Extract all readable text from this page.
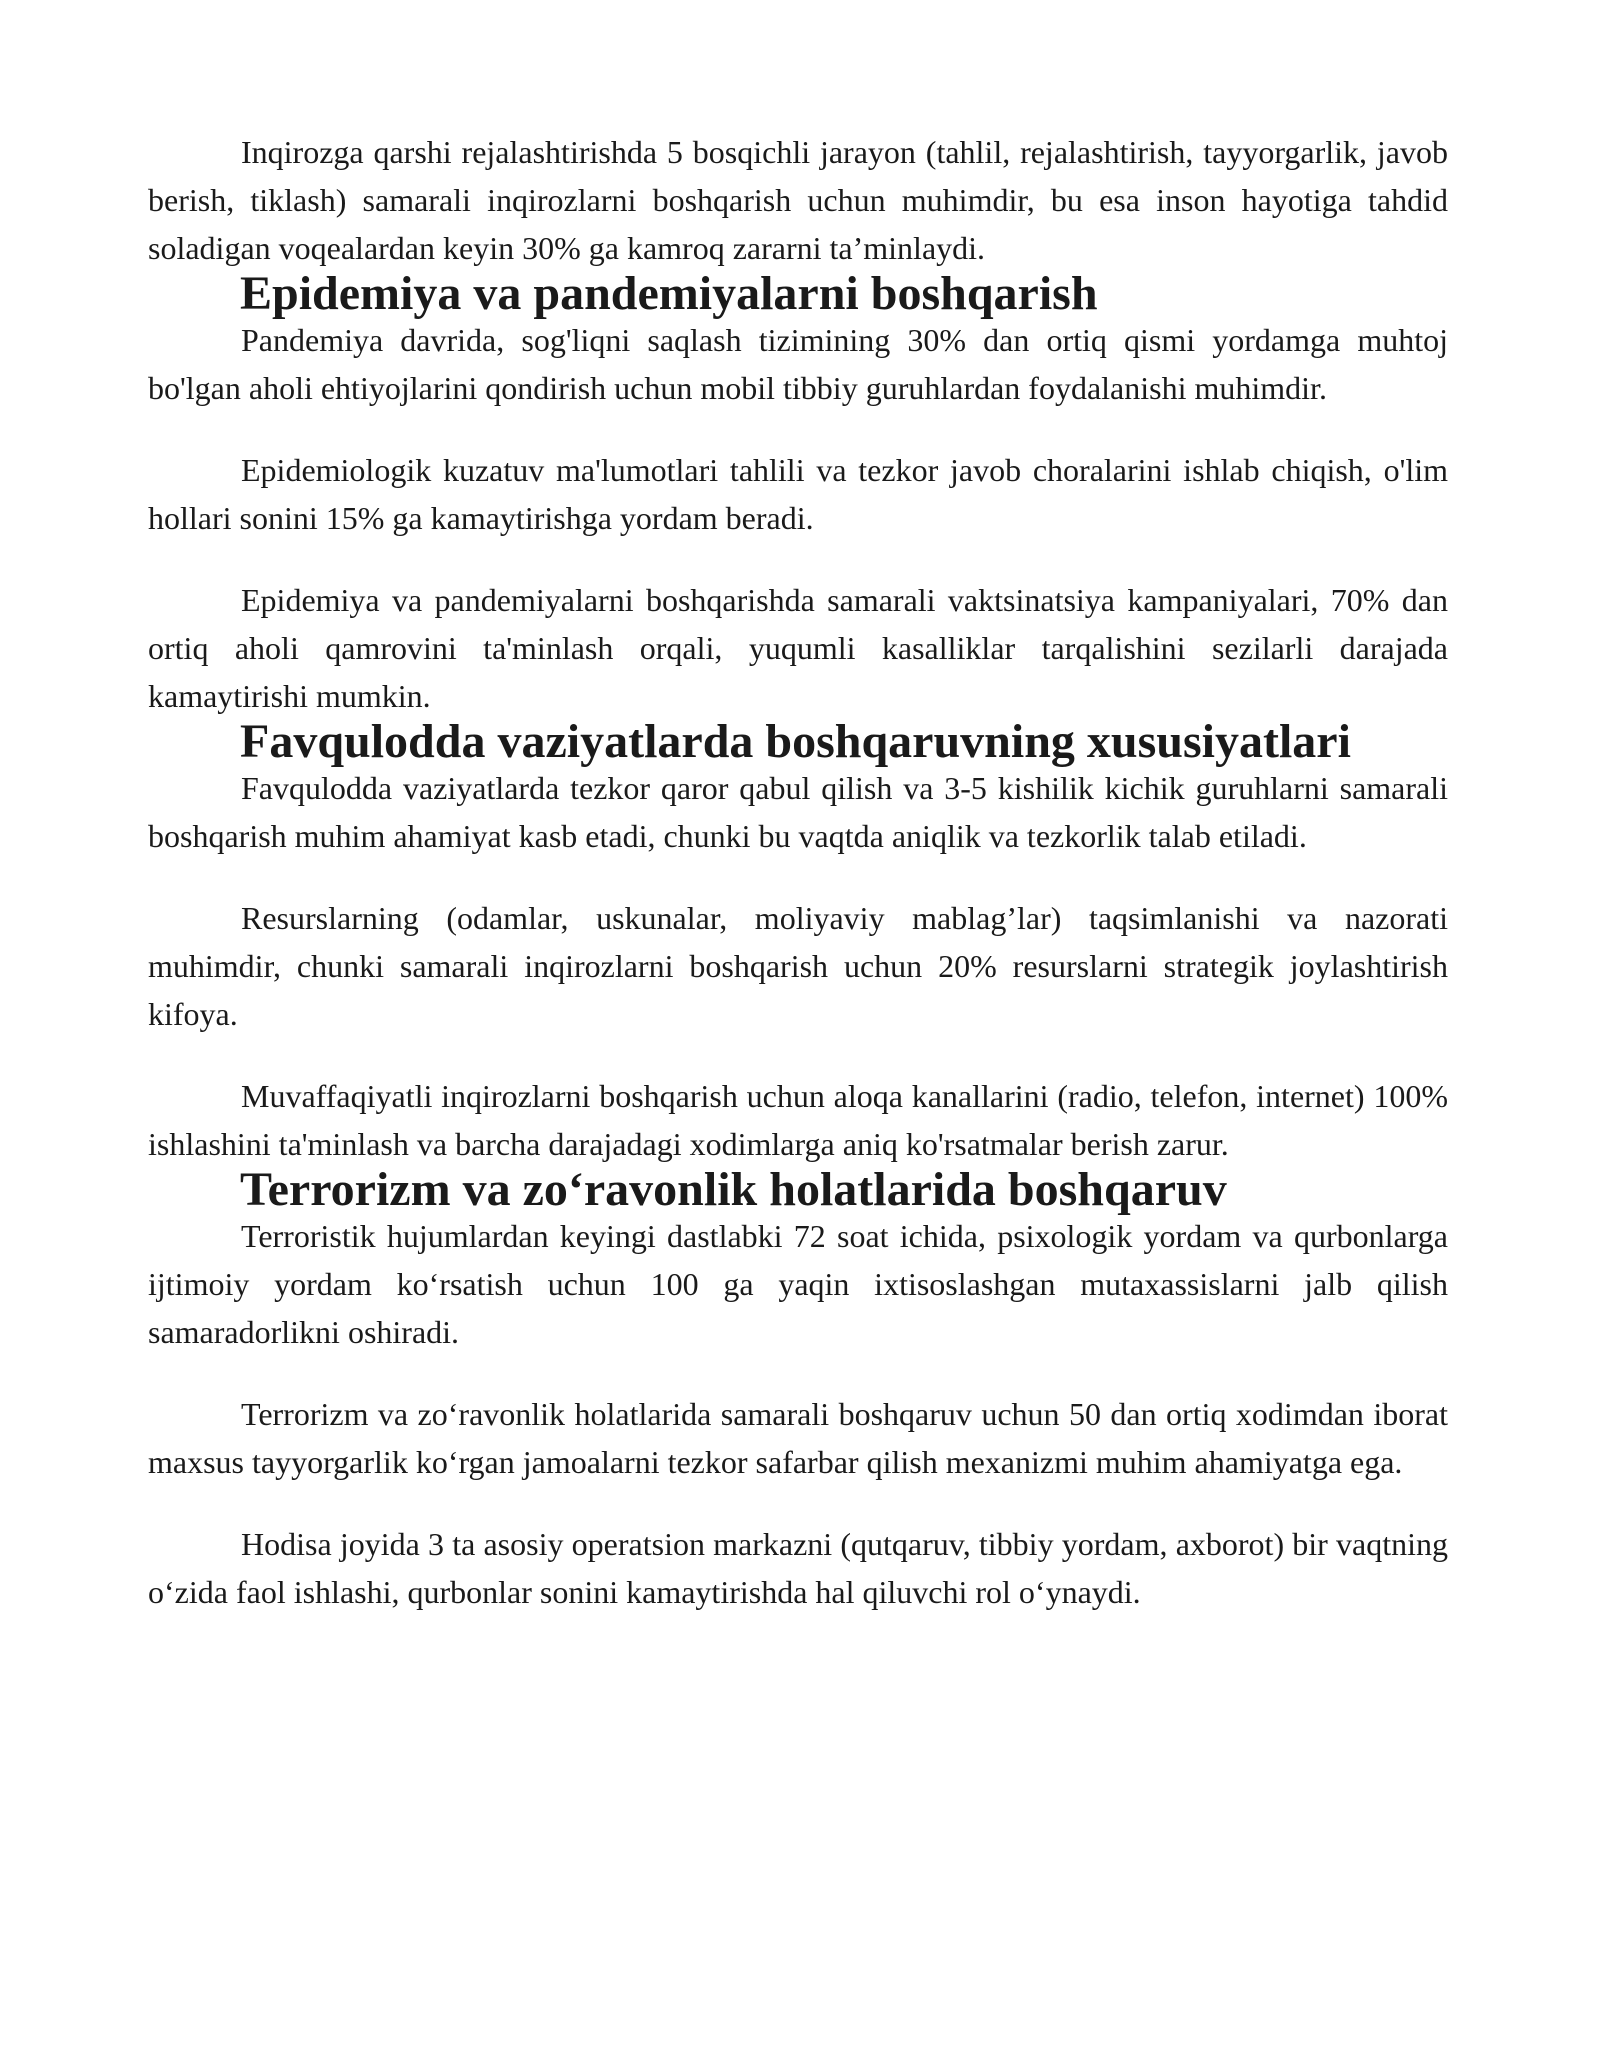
Inqirozga qarshi rejalashtirishda 5 bosqichli jarayon (tahlil, rejalashtirish, tayyorgarlik, javob berish, tiklash) samarali inqirozlarni boshqarish uchun muhimdir, bu esa inson hayotiga tahdid soladigan voqealardan keyin 30% ga kamroq zararni ta’minlaydi.

Epidemiya va pandemiyalarni boshqarish

Pandemiya davrida, sog'liqni saqlash tizimining 30% dan ortiq qismi yordamga muhtoj bo'lgan aholi ehtiyojlarini qondirish uchun mobil tibbiy guruhlardan foydalanishi muhimdir.

Epidemiologik kuzatuv ma'lumotlari tahlili va tezkor javob choralarini ishlab chiqish, o'lim hollari sonini 15% ga kamaytirishga yordam beradi.

Epidemiya va pandemiyalarni boshqarishda samarali vaktsinatsiya kampaniyalari, 70% dan ortiq aholi qamrovini ta'minlash orqali, yuqumli kasalliklar tarqalishini sezilarli darajada kamaytirishi mumkin.

Favqulodda vaziyatlarda boshqaruvning xususiyatlari

Favqulodda vaziyatlarda tezkor qaror qabul qilish va 3-5 kishilik kichik guruhlarni samarali boshqarish muhim ahamiyat kasb etadi, chunki bu vaqtda aniqlik va tezkorlik talab etiladi.

Resurslarning (odamlar, uskunalar, moliyaviy mablag’lar) taqsimlanishi va nazorati muhimdir, chunki samarali inqirozlarni boshqarish uchun 20% resurslarni strategik joylashtirish kifoya.

Muvaffaqiyatli inqirozlarni boshqarish uchun aloqa kanallarini (radio, telefon, internet) 100% ishlashini ta'minlash va barcha darajadagi xodimlarga aniq ko'rsatmalar berish zarur.

Terrorizm va zo‘ravonlik holatlarida boshqaruv

Terroristik hujumlardan keyingi dastlabki 72 soat ichida, psixologik yordam va qurbonlarga ijtimoiy yordam ko‘rsatish uchun 100 ga yaqin ixtisoslashgan mutaxassislarni jalb qilish samaradorlikni oshiradi.

Terrorizm va zo‘ravonlik holatlarida samarali boshqaruv uchun 50 dan ortiq xodimdan iborat maxsus tayyorgarlik ko‘rgan jamoalarni tezkor safarbar qilish mexanizmi muhim ahamiyatga ega.

Hodisa joyida 3 ta asosiy operatsion markazni (qutqaruv, tibbiy yordam, axborot) bir vaqtning o‘zida faol ishlashi, qurbonlar sonini kamaytirishda hal qiluvchi rol o‘ynaydi.
